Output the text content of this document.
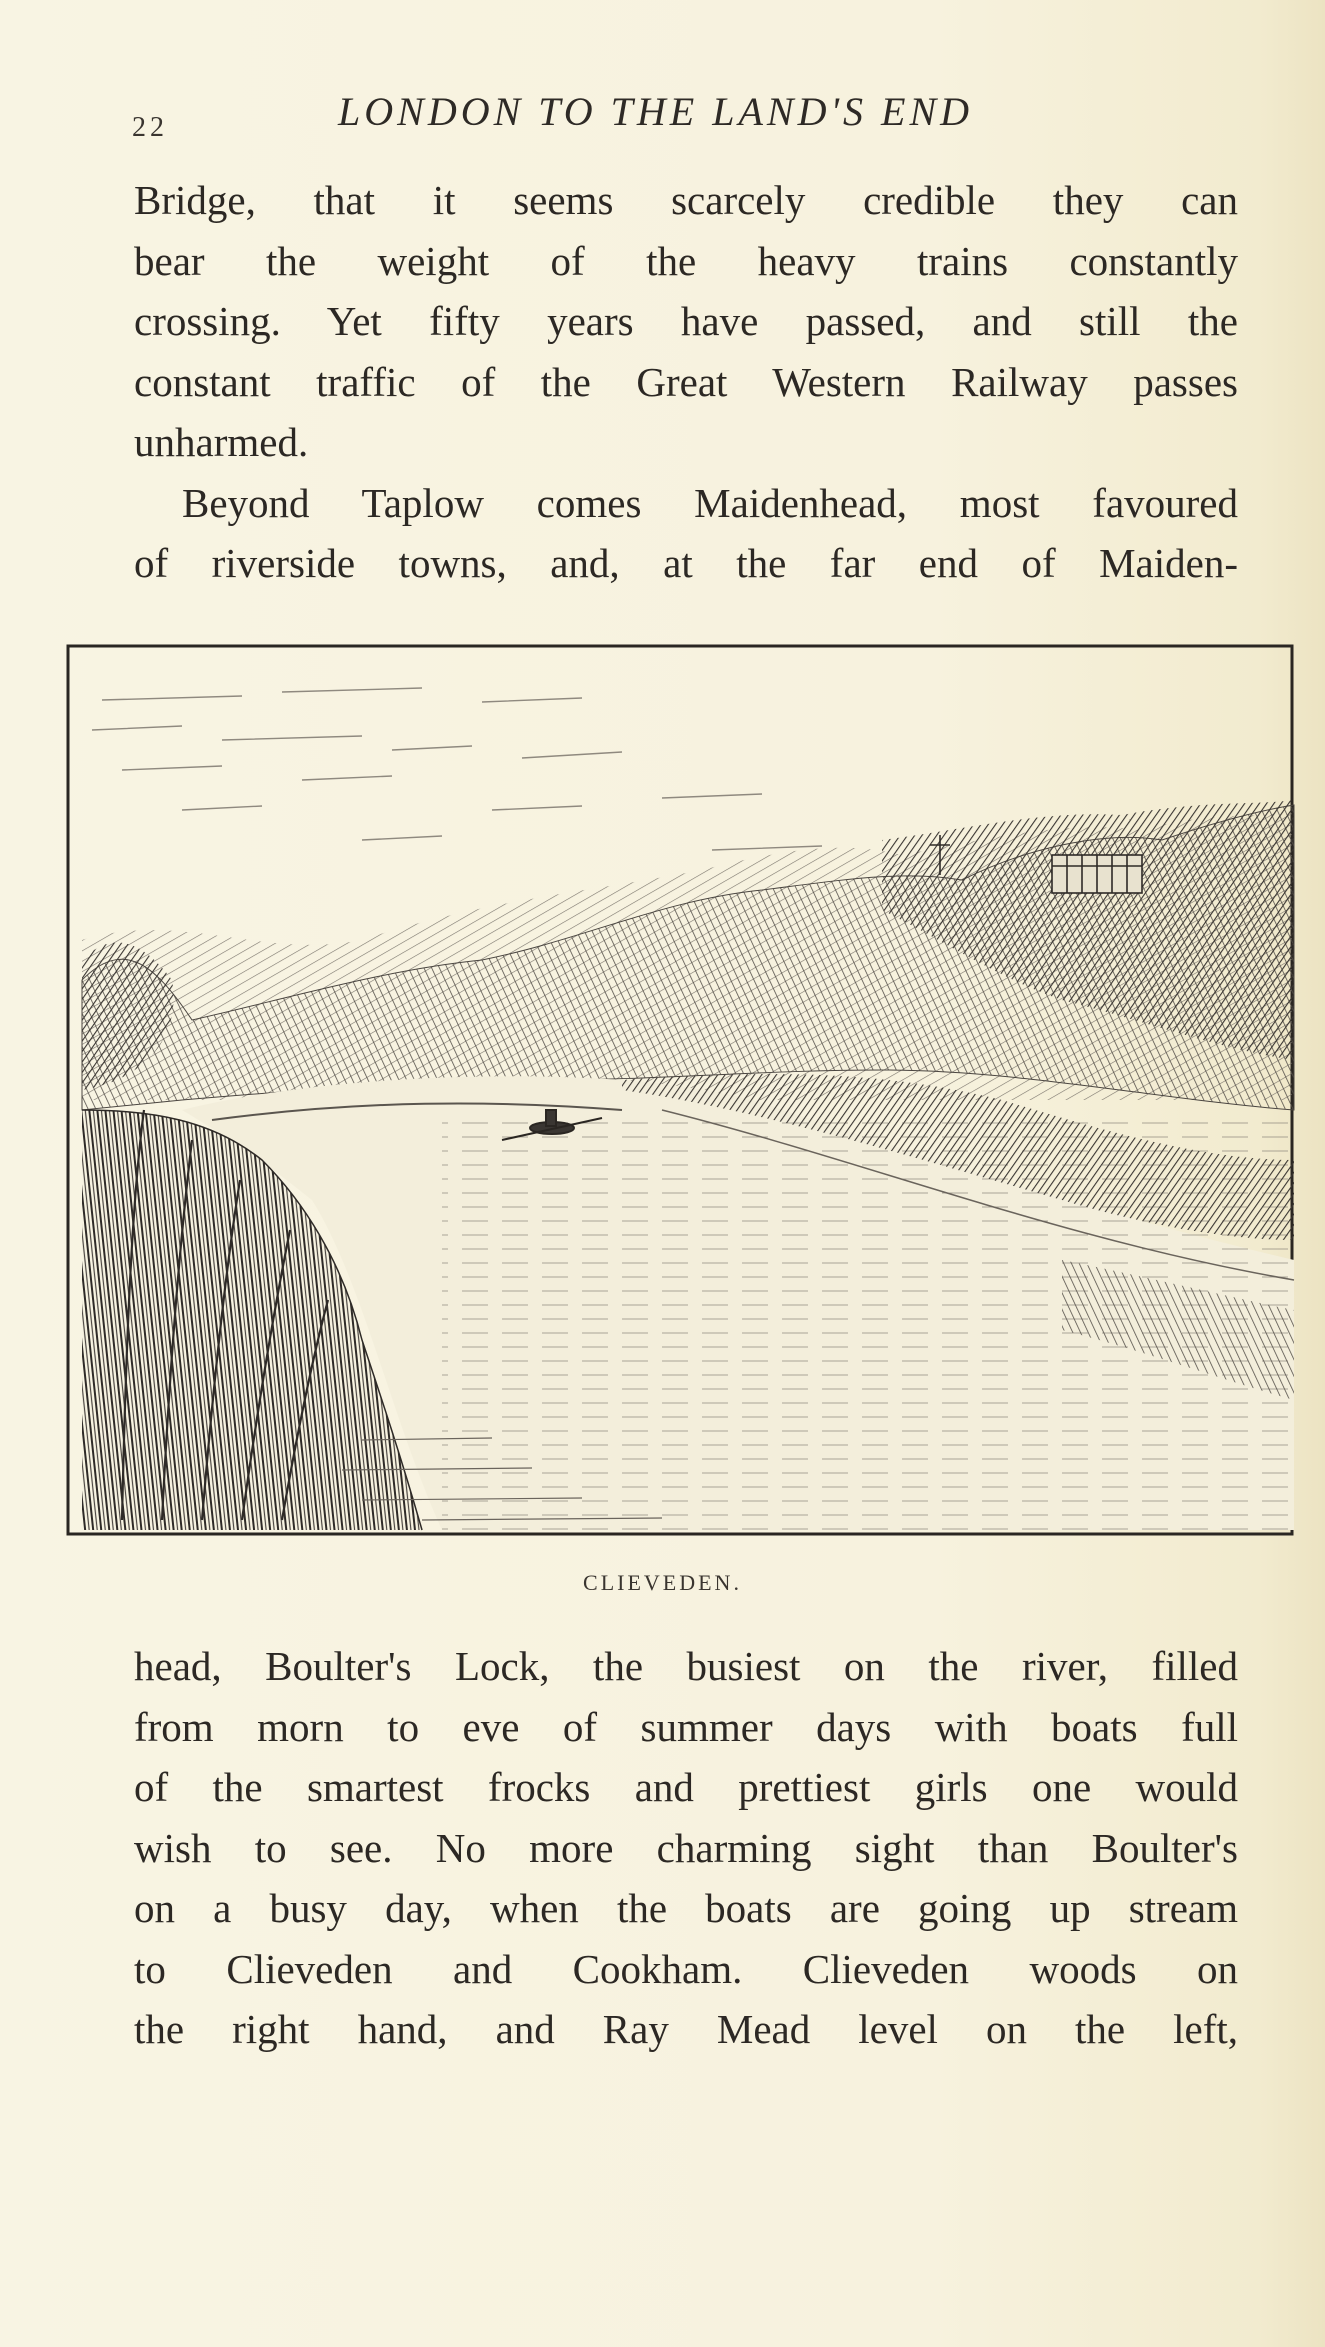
22	LONDON TO THE LAND'S END
Bridge, that it seems scarcely credible they can
bear the weight of the heavy trains constantly
crossing. Yet fifty years have passed, and still the
constant traffic of the Great Western Railway passes
unharmed.
Beyond Taplow comes Maidenhead, most favoured
of riverside towns, and, at the far end of Maiden-
CLIEVEDEN.
head, Boulter's Lock, the busiest on the river, filled
from morn to eve of summer days with boats full
of the smartest frocks and prettiest girls one would
wish to see. No more charming sight than Boulter's
on a busy day, when the boats are going up stream
to Clieveden and Cookham. Clieveden woods on
the right hand, and Ray Mead level on the left,
